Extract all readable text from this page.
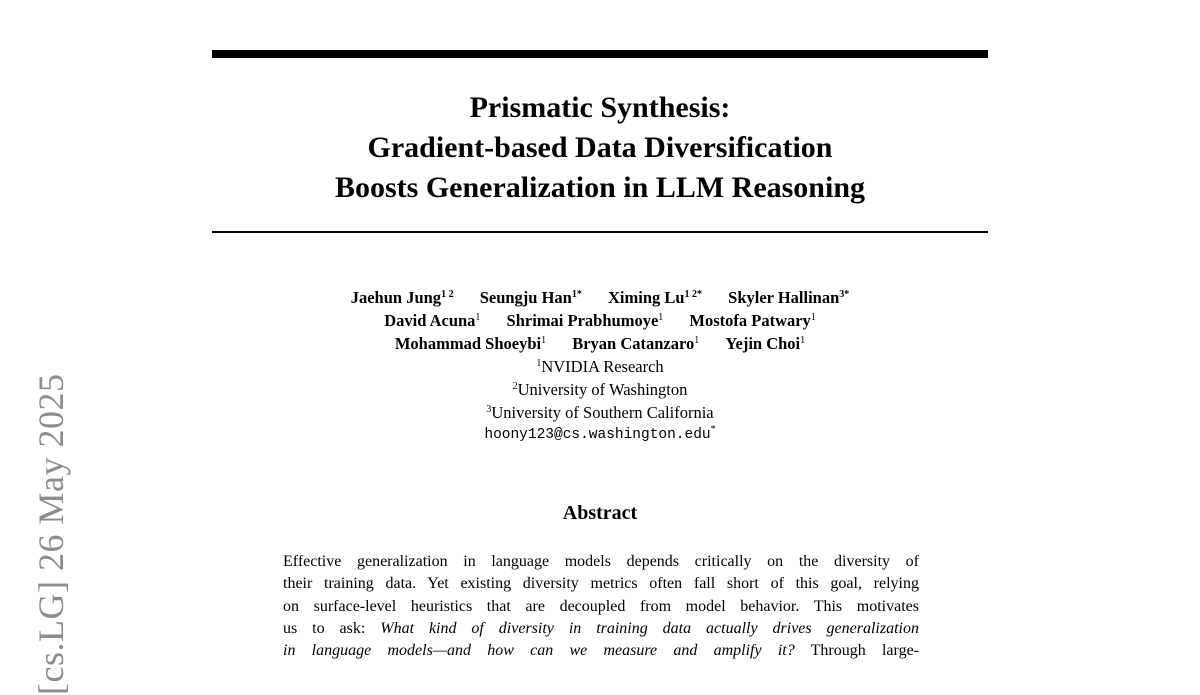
[cs.LG] 26 May 2025
Prismatic Synthesis:
Gradient-based Data Diversification
Boosts Generalization in LLM Reasoning
Jaehun Jung$^{1 2}$ Seungju Han$^{1*}$ Ximing $Lu^{1 2*}$ Skyler Hallinan$^{3*}$
David Acuna$^1$ Shrimai Prabhumoye$^1$ Mostofa Patwary$^1$
Mohammad Shoeybi$^1$ Bryan Catanzaro$^1$ Yejin Choi$^1$
$^1$NVIDIA Research
$^2$University of Washington
$^3$University of Southern California
hoony123@cs.washington.edu*
Abstract
Effective generalization in language models depends critically on the diversity of
their training data. Yet existing diversity metrics often fall short of this goal, relying
on surface-level heuristics that are decoupled from model behavior. This motivates
us to ask: What kind of diversity in training data actually drives generalization
in language models—and how can we measure and amplify it? Through large-
